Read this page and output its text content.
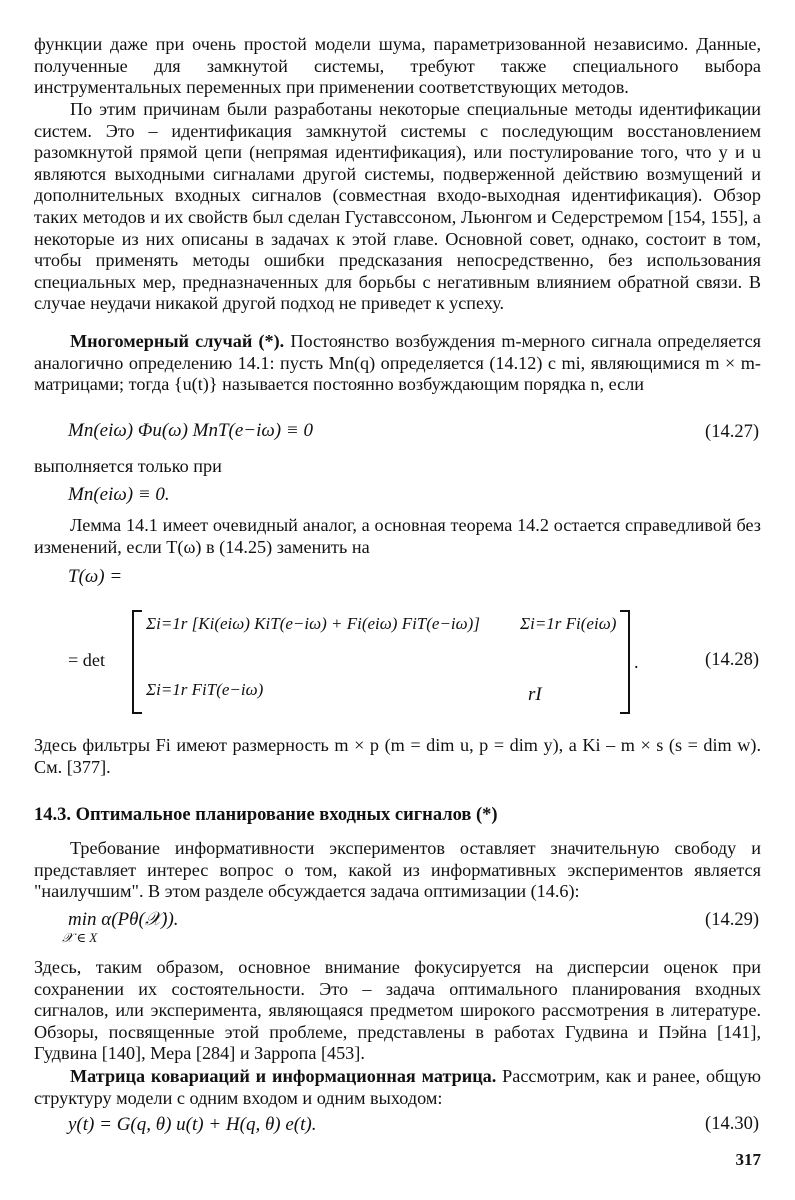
функции даже при очень простой модели шума, параметризованной независимо. Данные, полученные для замкнутой системы, требуют также специального выбора инструментальных переменных при применении соответствующих методов.

По этим причинам были разработаны некоторые специальные методы идентификации систем. Это – идентификация замкнутой системы с последующим восстановлением разомкнутой прямой цепи (непрямая идентификация), или постулирование того, что y и u являются выходными сигналами другой системы, подверженной действию возмущений и дополнительных входных сигналов (совместная входо-выходная идентификация). Обзор таких методов и их свойств был сделан Густавссоном, Льюнгом и Седерстремом [154, 155], а некоторые из них описаны в задачах к этой главе. Основной совет, однако, состоит в том, чтобы применять методы ошибки предсказания непосредственно, без использования специальных мер, предназначенных для борьбы с негативным влиянием обратной связи. В случае неудачи никакой другой подход не приведет к успеху.

Многомерный случай (*). Постоянство возбуждения m-мерного сигнала определяется аналогично определению 14.1: пусть Mn(q) определяется (14.12) с mi, являющимися m × m-матрицами; тогда {u(t)} называется постоянно возбуждающим порядка n, если

Mn(eiω) Φu(ω) MnT(e−iω) ≡ 0	(14.27)
выполняется только при
Mn(eiω) ≡ 0.

Лемма 14.1 имеет очевидный аналог, а основная теорема 14.2 остается справедливой без изменений, если T(ω) в (14.25) заменить на

T(ω) =
= det
Σi=1r [Ki(eiω) KiT(e−iω) + Fi(eiω) FiT(e−iω)] Σi=1r Fi(eiω)
Σi=1r FiT(e−iω)	rI
.	(14.28)

Здесь фильтры Fi имеют размерность m × p (m = dim u, p = dim y), а Ki – m × s (s = dim w). См. [377].

14.3. Оптимальное планирование входных сигналов (*)

Требование информативности экспериментов оставляет значительную свободу и представляет интерес вопрос о том, какой из информативных экспериментов является "наилучшим". В этом разделе обсуждается задача оптимизации (14.6):

min α(Pθ(𝒳)).
𝒳 ∈ X
(14.29)

Здесь, таким образом, основное внимание фокусируется на дисперсии оценок при сохранении их состоятельности. Это – задача оптимального планирования входных сигналов, или эксперимента, являющаяся предметом широкого рассмотрения в литературе. Обзоры, посвященные этой проблеме, представлены в работах Гудвина и Пэйна [141], Гудвина [140], Мера [284] и Зарропа [453].

Матрица ковариаций и информационная матрица. Рассмотрим, как и ранее, общую структуру модели с одним входом и одним выходом:

y(t) = G(q, θ) u(t) + H(q, θ) e(t).	(14.30)
317
